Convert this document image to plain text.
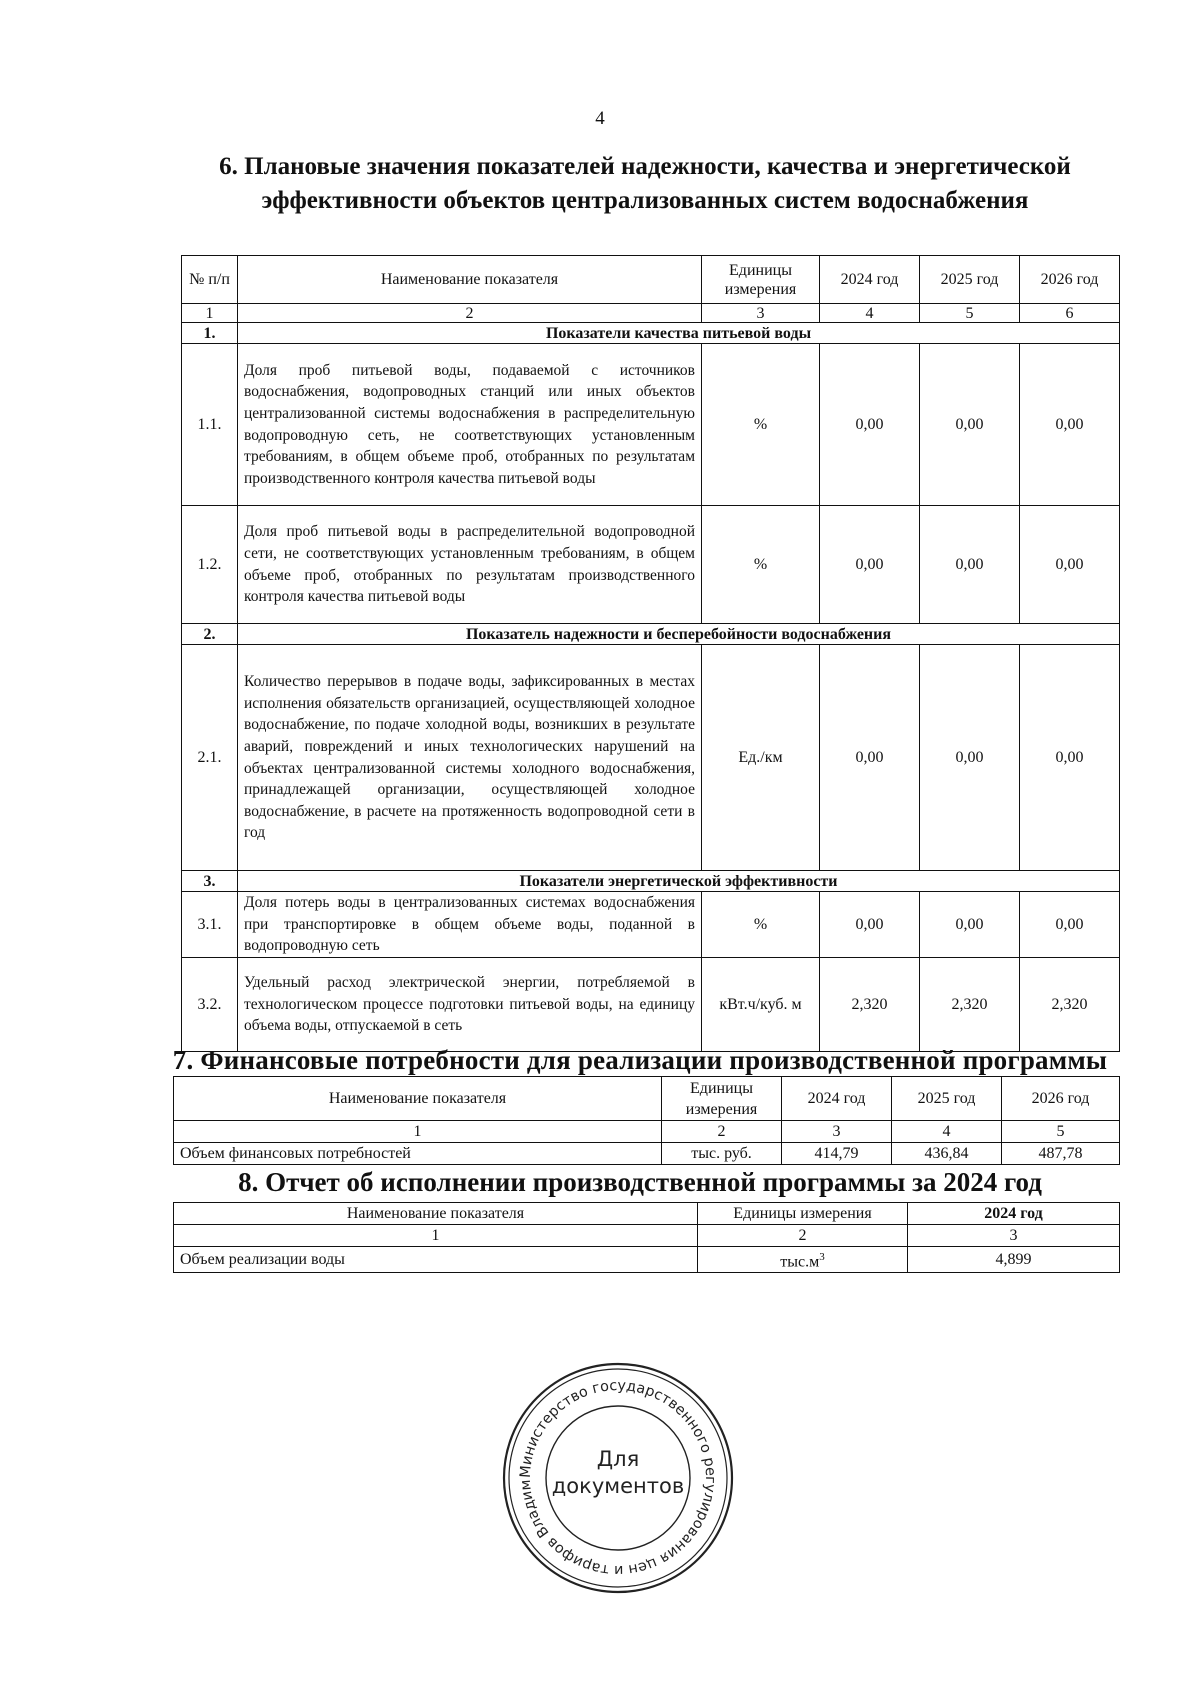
4
6. Плановые значения показателей надежности, качества и энергетической эффективности объектов централизованных систем водоснабжения
№ п/п	Наименование показателя	Единицы измерения	2024 год	2025 год	2026 год
1	2	3	4	5	6
1.	Показатели качества питьевой воды				
1.1.	Доля проб питьевой воды, подаваемой с источников водоснабжения, водопроводных станций или иных объектов централизованной системы водоснабжения в распределительную водопроводную сеть, не соответствующих установленным требованиям, в общем объеме проб, отобранных по результатам производственного контроля качества питьевой воды	%	0,00	0,00	0,00
1.2.	Доля проб питьевой воды в распределительной водопроводной сети, не соответствующих установленным требованиям, в общем объеме проб, отобранных по результатам производственного контроля качества питьевой воды	%	0,00	0,00	0,00
2.	Показатель надежности и бесперебойности водоснабжения				
2.1.	Количество перерывов в подаче воды, зафиксированных в местах исполнения обязательств организацией, осуществляющей холодное водоснабжение, по подаче холодной воды, возникших в результате аварий, повреждений и иных технологических нарушений на объектах централизованной системы холодного водоснабжения, принадлежащей организации, осуществляющей холодное водоснабжение, в расчете на протяженность водопроводной сети в год	Ед./км	0,00	0,00	0,00
3.	Показатели энергетической эффективности				
3.1.	Доля потерь воды в централизованных системах водоснабжения при транспортировке в общем объеме воды, поданной в водопроводную сеть	%	0,00	0,00	0,00
3.2.	Удельный расход электрической энергии, потребляемой в технологическом процессе подготовки питьевой воды, на единицу объема воды, отпускаемой в сеть	кВт.ч/куб. м	2,320	2,320	2,320
7. Финансовые потребности для реализации производственной программы
Наименование показателя	Единицы измерения	2024 год	2025 год	2026 год
1	2	3	4	5
Объем финансовых потребностей	тыс. руб.	414,79	436,84	487,78
8. Отчет об исполнении производственной программы за 2024 год
Наименование показателя	Единицы измерения	2024 год
1	2	3
Объем реализации воды	$тыс.м^3$	4,899
Министерство государственного регулирования цен и тарифов Владим
Для
документов
